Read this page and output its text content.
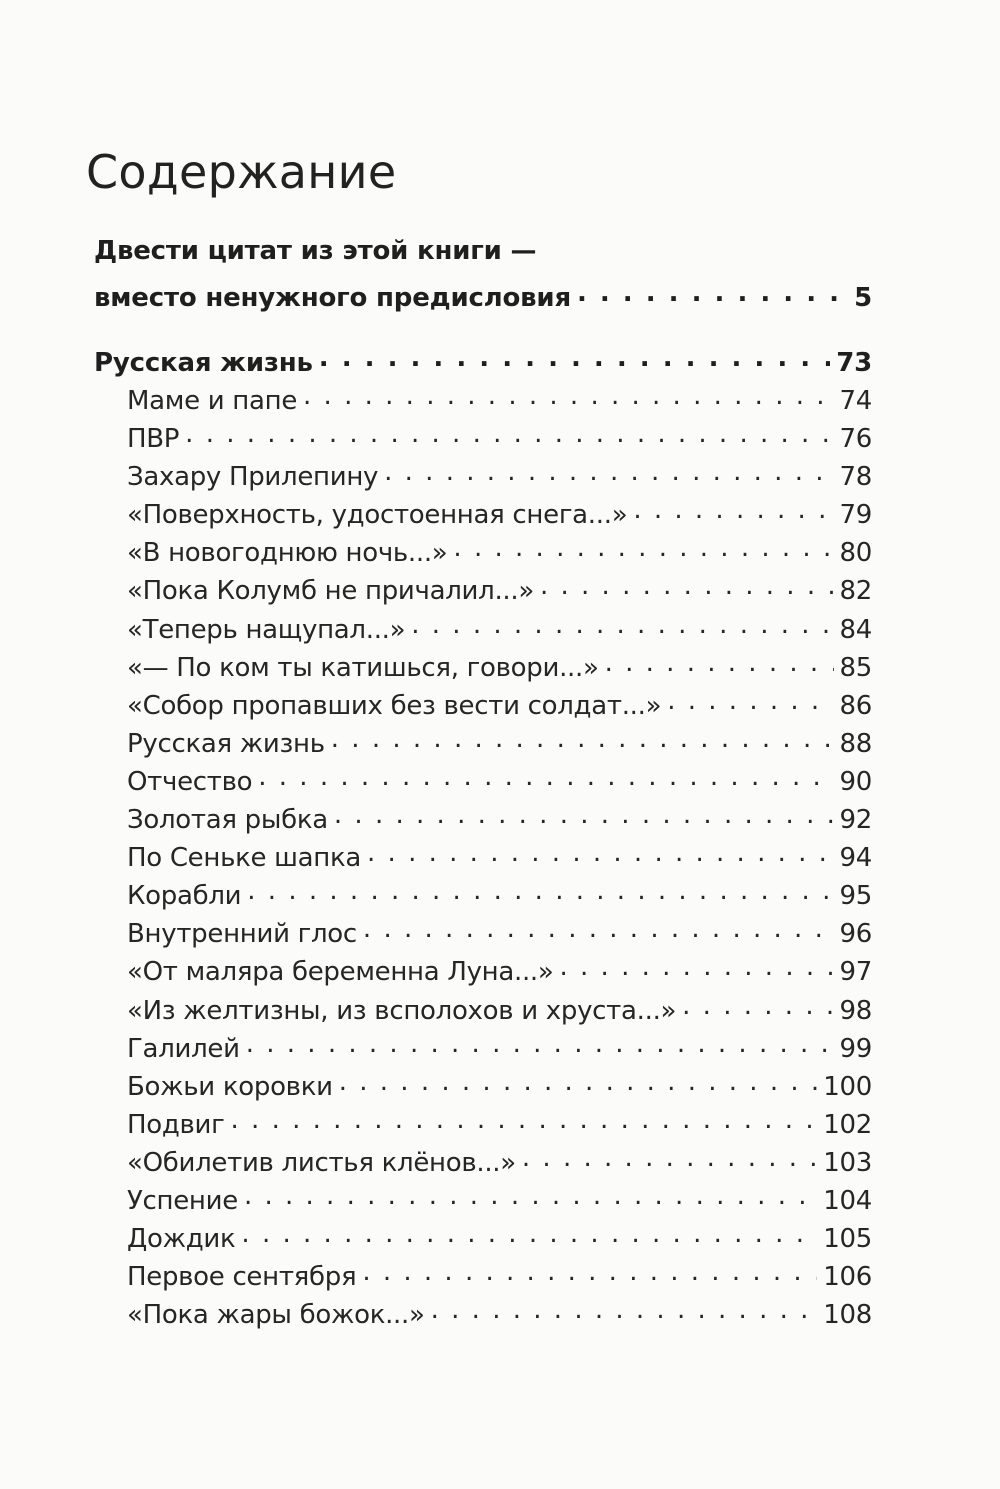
Содержание
Двести цитат из этой книги —
вместо ненужного предисловия . . .	5
Русская жизнь . . .	73
Маме и папе . . .	74
ПВР . . .	76
Захару Прилепину . . .	78
«Поверхность, удостоенная снега...» . . .	79
«В новогоднюю ночь...» . . .	80
«Пока Колумб не причалил...» . . .	82
«Теперь нащупал...» . . .	84
«— По ком ты катишься, говори...» . . .	85
«Собор пропавших без вести солдат...» . . .	86
Русская жизнь . . .	88
Отчество . . .	90
Золотая рыбка . . .	92
По Сеньке шапка . . .	94
Корабли . . .	95
Внутренний глос . . .	96
«От маляра беременна Луна...» . . .	97
«Из желтизны, из всполохов и хруста...» . . .	98
Галилей . . .	99
Божьи коровки . . .	100
Подвиг . . .	102
«Обилетив листья клёнов...» . . .	103
Успение . . .	104
Дождик . . .	105
Первое сентября . . .	106
«Пока жары божок...» . . .	108
